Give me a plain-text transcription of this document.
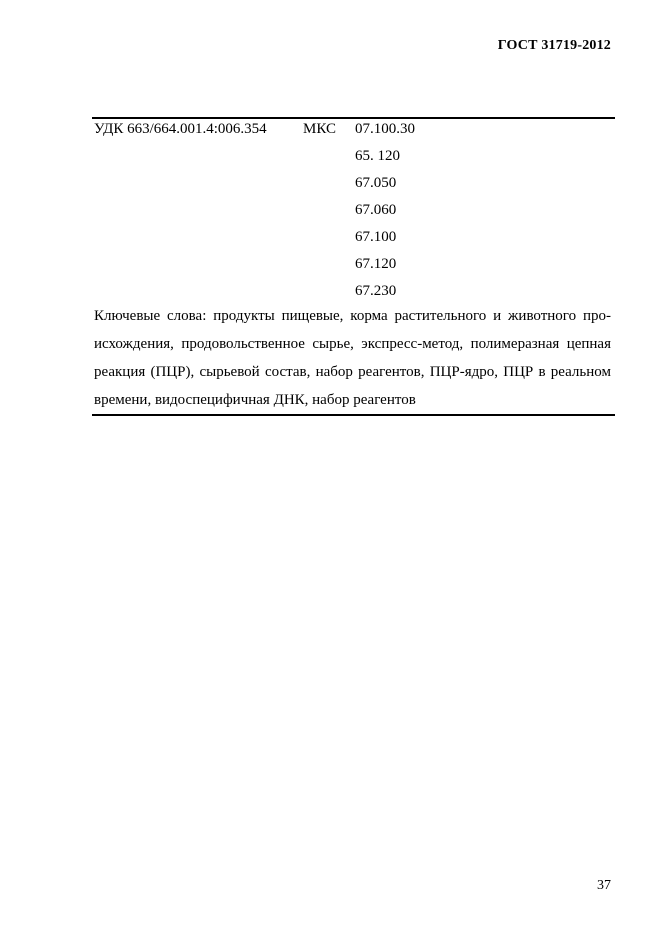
ГОСТ 31719-2012
УДК 663/664.001.4:006.354 МКС 07.100.30
65. 120
67.050
67.060
67.100
67.120
67.230

Ключевые слова: продукты пищевые, корма растительного и животного происхождения, продовольственное сырье, экспресс-метод, полимеразная цепная реакция (ПЦР), сырьевой состав, набор реагентов, ПЦР-ядро, ПЦР в реальном времени, видоспецифичная ДНК, набор реагентов

37
